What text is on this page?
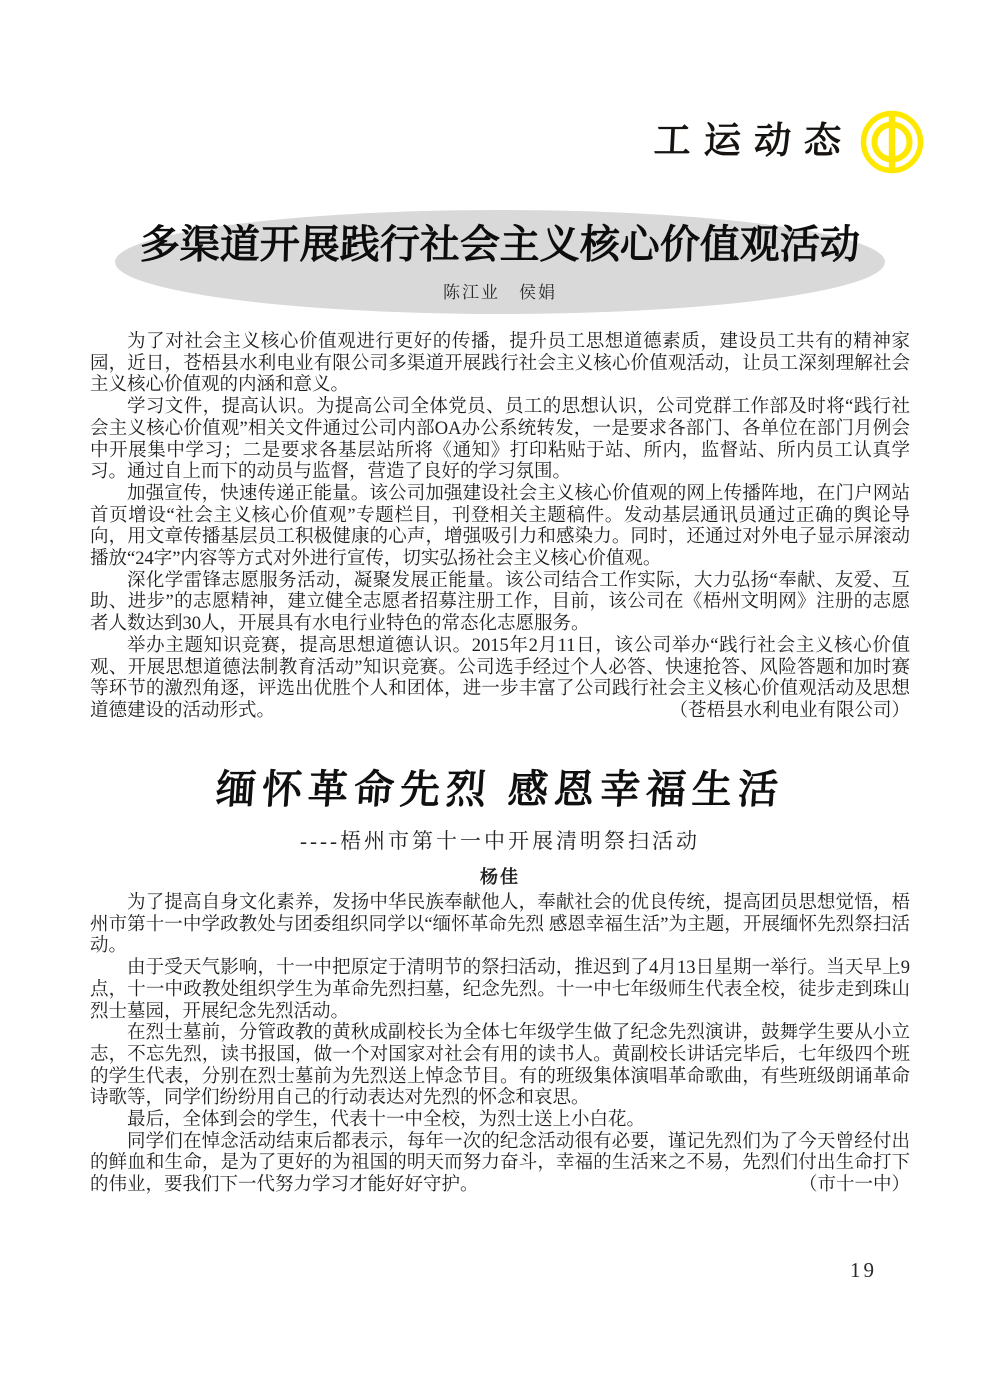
工运动态
多渠道开展践行社会主义核心价值观活动
陈江业　侯娟

为了对社会主义核心价值观进行更好的传播，提升员工思想道德素质，建设员工共有的精神家园，近日，苍梧县水利电业有限公司多渠道开展践行社会主义核心价值观活动，让员工深刻理解社会主义核心价值观的内涵和意义。

学习文件，提高认识。为提高公司全体党员、员工的思想认识，公司党群工作部及时将“践行社会主义核心价值观”相关文件通过公司内部OA办公系统转发，一是要求各部门、各单位在部门月例会中开展集中学习；二是要求各基层站所将《通知》打印粘贴于站、所内，监督站、所内员工认真学习。通过自上而下的动员与监督，营造了良好的学习氛围。

加强宣传，快速传递正能量。该公司加强建设社会主义核心价值观的网上传播阵地，在门户网站首页增设“社会主义核心价值观”专题栏目，刊登相关主题稿件。发动基层通讯员通过正确的舆论导向，用文章传播基层员工积极健康的心声，增强吸引力和感染力。同时，还通过对外电子显示屏滚动播放“24字”内容等方式对外进行宣传，切实弘扬社会主义核心价值观。

深化学雷锋志愿服务活动，凝聚发展正能量。该公司结合工作实际，大力弘扬“奉献、友爱、互助、进步”的志愿精神，建立健全志愿者招募注册工作，目前，该公司在《梧州文明网》注册的志愿者人数达到30人，开展具有水电行业特色的常态化志愿服务。

举办主题知识竞赛，提高思想道德认识。2015年2月11日，该公司举办“践行社会主义核心价值观、开展思想道德法制教育活动”知识竞赛。公司选手经过个人必答、快速抢答、风险答题和加时赛等环节的激烈角逐，评选出优胜个人和团体，进一步丰富了公司践行社会主义核心价值观活动及思想道德建设的活动形式。	（苍梧县水利电业有限公司）

缅怀革命先烈 感恩幸福生活
----梧州市第十一中开展清明祭扫活动
杨佳

为了提高自身文化素养，发扬中华民族奉献他人，奉献社会的优良传统，提高团员思想觉悟，梧州市第十一中学政教处与团委组织同学以“缅怀革命先烈 感恩幸福生活”为主题，开展缅怀先烈祭扫活动。

由于受天气影响，十一中把原定于清明节的祭扫活动，推迟到了4月13日星期一举行。当天早上9点，十一中政教处组织学生为革命先烈扫墓，纪念先烈。十一中七年级师生代表全校，徒步走到珠山烈士墓园，开展纪念先烈活动。

在烈士墓前，分管政教的黄秋成副校长为全体七年级学生做了纪念先烈演讲，鼓舞学生要从小立志，不忘先烈，读书报国，做一个对国家对社会有用的读书人。黄副校长讲话完毕后，七年级四个班的学生代表，分别在烈士墓前为先烈送上悼念节目。有的班级集体演唱革命歌曲，有些班级朗诵革命诗歌等，同学们纷纷用自己的行动表达对先烈的怀念和哀思。

最后，全体到会的学生，代表十一中全校，为烈士送上小白花。

同学们在悼念活动结束后都表示，每年一次的纪念活动很有必要，谨记先烈们为了今天曾经付出的鲜血和生命，是为了更好的为祖国的明天而努力奋斗，幸福的生活来之不易，先烈们付出生命打下的伟业，要我们下一代努力学习才能好好守护。	（市十一中）

19
